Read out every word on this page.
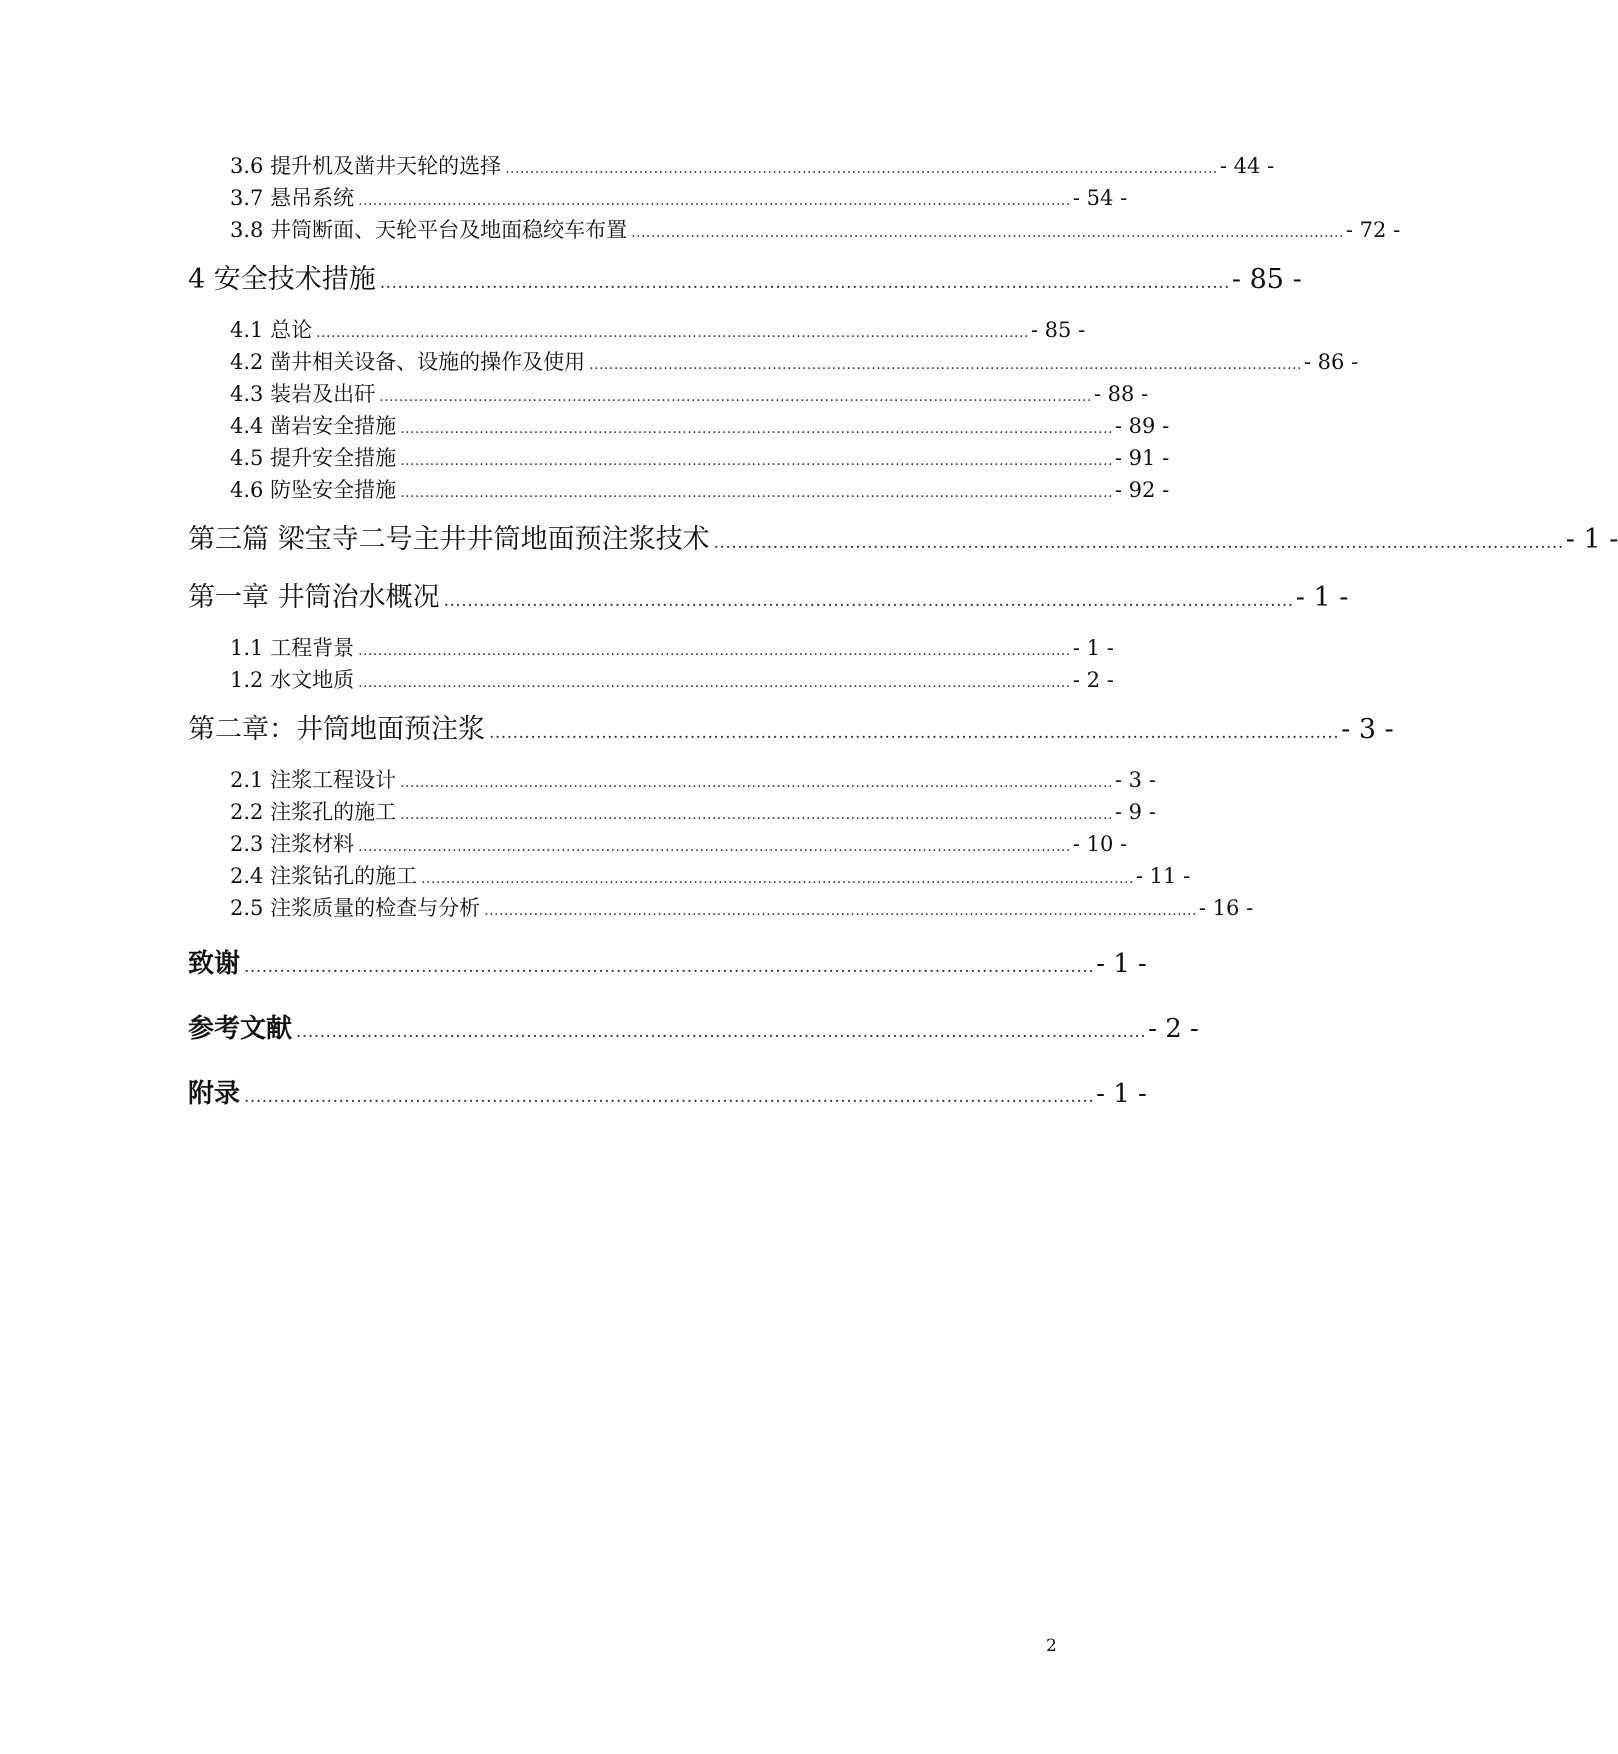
3.6 提升机及凿井天轮的选择 ................................................................................................................................................ - 44 -
3.7 悬吊系统 ................................................................................................................................................ - 54 -
3.8 井筒断面、天轮平台及地面稳绞车布置 ................................................................................................................................................ - 72 -
4 安全技术措施 ................................................................................................................................................ - 85 -
4.1 总论 ................................................................................................................................................ - 85 -
4.2 凿井相关设备、设施的操作及使用 ................................................................................................................................................ - 86 -
4.3 装岩及出矸 ................................................................................................................................................ - 88 -
4.4 凿岩安全措施 ................................................................................................................................................ - 89 -
4.5 提升安全措施 ................................................................................................................................................ - 91 -
4.6 防坠安全措施 ................................................................................................................................................ - 92 -
第三篇 梁宝寺二号主井井筒地面预注浆技术 ................................................................................................................................................ - 1 -
第一章 井筒治水概况 ................................................................................................................................................ - 1 -
1.1 工程背景 ................................................................................................................................................ - 1 -
1.2 水文地质 ................................................................................................................................................ - 2 -
第二章：井筒地面预注浆 ................................................................................................................................................ - 3 -
2.1 注浆工程设计 ................................................................................................................................................ - 3 -
2.2 注浆孔的施工 ................................................................................................................................................ - 9 -
2.3 注浆材料 ................................................................................................................................................ - 10 -
2.4 注浆钻孔的施工 ................................................................................................................................................ - 11 -
2.5 注浆质量的检查与分析 ................................................................................................................................................ - 16 -
致谢 ................................................................................................................................................ - 1 -
参考文献 ................................................................................................................................................ - 2 -
附录 ................................................................................................................................................ - 1 -
2
